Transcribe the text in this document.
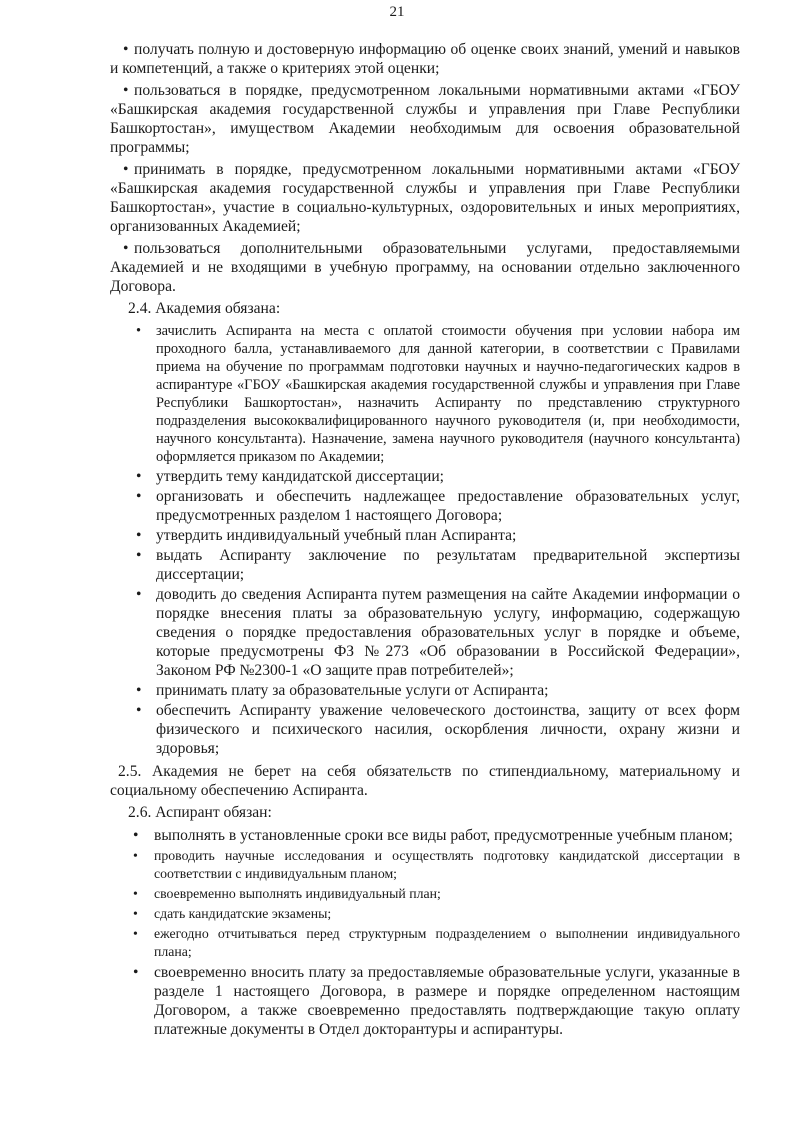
21

• получать полную и достоверную информацию об оценке своих знаний, умений и навыков и компетенций, а также о критериях этой оценки;

• пользоваться в порядке, предусмотренном локальными нормативными актами «ГБОУ «Башкирская академия государственной службы и управления при Главе Республики Башкортостан», имуществом Академии необходимым для освоения образовательной программы;

• принимать в порядке, предусмотренном локальными нормативными актами «ГБОУ «Башкирская академия государственной службы и управления при Главе Республики Башкортостан», участие в социально-культурных, оздоровительных и иных мероприятиях, организованных Академией;

• пользоваться дополнительными образовательными услугами, предоставляемыми Академией и не входящими в учебную программу, на основании отдельно заключенного Договора.

2.4. Академия обязана:

• зачислить Аспиранта на места с оплатой стоимости обучения при условии набора им проходного балла, устанавливаемого для данной категории, в соответствии с Правилами приема на обучение по программам подготовки научных и научно-педагогических кадров в аспирантуре «ГБОУ «Башкирская академия государственной службы и управления при Главе Республики Башкортостан», назначить Аспиранту по представлению структурного подразделения высококвалифицированного научного руководителя (и, при необходимости, научного консультанта). Назначение, замена научного руководителя (научного консультанта) оформляется приказом по Академии;

• утвердить тему кандидатской диссертации;

• организовать и обеспечить надлежащее предоставление образовательных услуг, предусмотренных разделом 1 настоящего Договора;

• утвердить индивидуальный учебный план Аспиранта;

• выдать Аспиранту заключение по результатам предварительной экспертизы диссертации;

• доводить до сведения Аспиранта путем размещения на сайте Академии информации о порядке внесения платы за образовательную услугу, информацию, содержащую сведения о порядке предоставления образовательных услуг в порядке и объеме, которые предусмотрены ФЗ №273 «Об образовании в Российской Федерации», Законом РФ №2300-1 «О защите прав потребителей»;

• принимать плату за образовательные услуги от Аспиранта;

• обеспечить Аспиранту уважение человеческого достоинства, защиту от всех форм физического и психического насилия, оскорбления личности, охрану жизни и здоровья;

2.5. Академия не берет на себя обязательств по стипендиальному, материальному и социальному обеспечению Аспиранта.

2.6. Аспирант обязан:

• выполнять в установленные сроки все виды работ, предусмотренные учебным планом;

• проводить научные исследования и осуществлять подготовку кандидатской диссертации в соответствии с индивидуальным планом;

• своевременно выполнять индивидуальный план;

• сдать кандидатские экзамены;

• ежегодно отчитываться перед структурным подразделением о выполнении индивидуального плана;

• своевременно вносить плату за предоставляемые образовательные услуги, указанные в разделе 1 настоящего Договора, в размере и порядке определенном настоящим Договором, а также своевременно предоставлять подтверждающие такую оплату платежные документы в Отдел докторантуры и аспирантуры.
